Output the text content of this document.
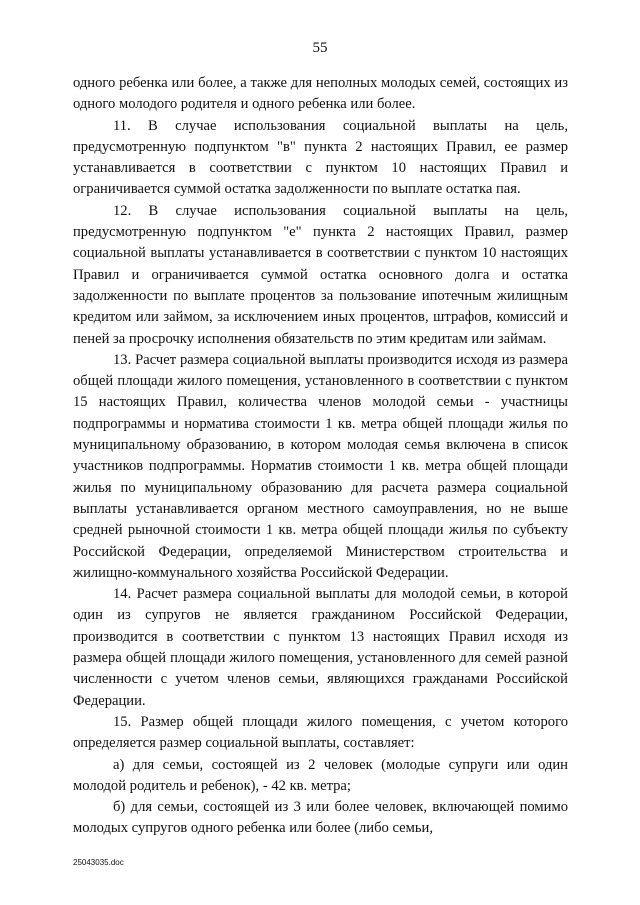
55

одного ребенка или более, а также для неполных молодых семей, состоящих из одного молодого родителя и одного ребенка или более.

11. В случае использования социальной выплаты на цель, предусмотренную подпунктом "в" пункта 2 настоящих Правил, ее размер устанавливается в соответствии с пунктом 10 настоящих Правил и ограничивается суммой остатка задолженности по выплате остатка пая.

12. В случае использования социальной выплаты на цель, предусмотренную подпунктом "е" пункта 2 настоящих Правил, размер социальной выплаты устанавливается в соответствии с пунктом 10 настоящих Правил и ограничивается суммой остатка основного долга и остатка задолженности по выплате процентов за пользование ипотечным жилищным кредитом или займом, за исключением иных процентов, штрафов, комиссий и пеней за просрочку исполнения обязательств по этим кредитам или займам.

13. Расчет размера социальной выплаты производится исходя из размера общей площади жилого помещения, установленного в соответствии с пунктом 15 настоящих Правил, количества членов молодой семьи - участницы подпрограммы и норматива стоимости 1 кв. метра общей площади жилья по муниципальному образованию, в котором молодая семья включена в список участников подпрограммы. Норматив стоимости 1 кв. метра общей площади жилья по муниципальному образованию для расчета размера социальной выплаты устанавливается органом местного самоуправления, но не выше средней рыночной стоимости 1 кв. метра общей площади жилья по субъекту Российской Федерации, определяемой Министерством строительства и жилищно-коммунального хозяйства Российской Федерации.

14. Расчет размера социальной выплаты для молодой семьи, в которой один из супругов не является гражданином Российской Федерации, производится в соответствии с пунктом 13 настоящих Правил исходя из размера общей площади жилого помещения, установленного для семей разной численности с учетом членов семьи, являющихся гражданами Российской Федерации.

15. Размер общей площади жилого помещения, с учетом которого определяется размер социальной выплаты, составляет:

а) для семьи, состоящей из 2 человек (молодые супруги или один молодой родитель и ребенок), - 42 кв. метра;

б) для семьи, состоящей из 3 или более человек, включающей помимо молодых супругов одного ребенка или более (либо семьи,

25043035.doc
